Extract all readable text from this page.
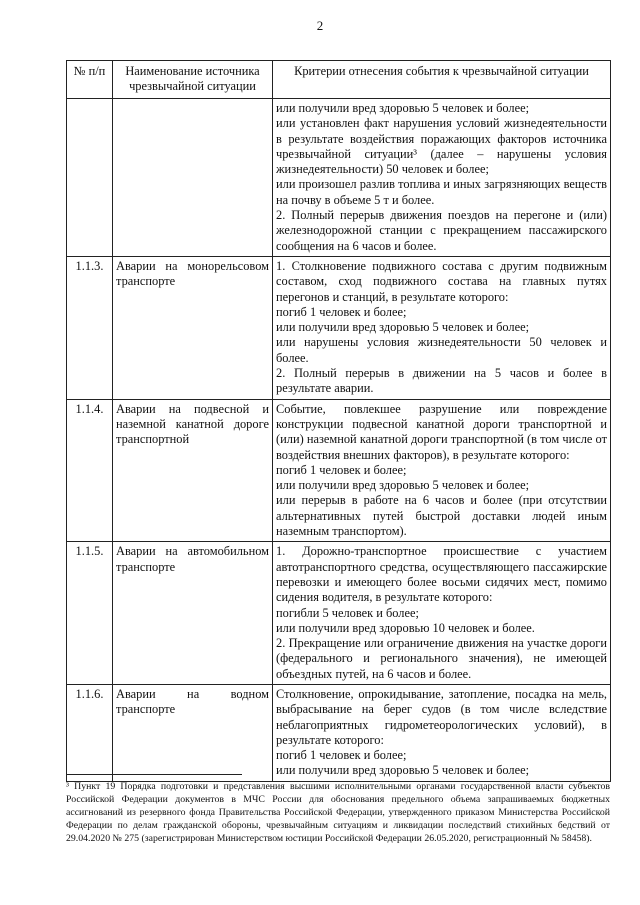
2
№ п/п	Наименование источника чрезвычайной ситуации	Критерии отнесения события к чрезвычайной ситуации

		или получили вред здоровью 5 человек и более;
или установлен факт нарушения условий жизнедеятельности в результате воздействия поражающих факторов источника чрезвычайной ситуации³ (далее – нарушены условия жизнедеятельности) 50 человек и более;
или произошел разлив топлива и иных загрязняющих веществ на почву в объеме 5 т и более.
2. Полный перерыв движения поездов на перегоне и (или) железнодорожной станции с прекращением пассажирского сообщения на 6 часов и более.

1.1.3.	Аварии на монорельсовом транспорте	1. Столкновение подвижного состава с другим подвижным составом, сход подвижного состава на главных путях перегонов и станций, в результате которого:
погиб 1 человек и более;
или получили вред здоровью 5 человек и более;
или нарушены условия жизнедеятельности 50 человек и более.
2. Полный перерыв в движении на 5 часов и более в результате аварии.

1.1.4.	Аварии на подвесной и наземной канатной дороге транспортной	Событие, повлекшее разрушение или повреждение конструкции подвесной канатной дороги транспортной и (или) наземной канатной дороги транспортной (в том числе от воздействия внешних факторов), в результате которого:
погиб 1 человек и более;
или получили вред здоровью 5 человек и более;
или перерыв в работе на 6 часов и более (при отсутствии альтернативных путей быстрой доставки людей иным наземным транспортом).

1.1.5.	Аварии на автомобильном транспорте	1. Дорожно-транспортное происшествие с участием автотранспортного средства, осуществляющего пассажирские перевозки и имеющего более восьми сидячих мест, помимо сидения водителя, в результате которого:
погибли 5 человек и более;
или получили вред здоровью 10 человек и более.
2. Прекращение или ограничение движения на участке дороги (федерального и регионального значения), не имеющей объездных путей, на 6 часов и более.

1.1.6.	Аварии на водном транспорте	Столкновение, опрокидывание, затопление, посадка на мель, выбрасывание на берег судов (в том числе вследствие неблагоприятных гидрометеорологических условий), в результате которого:
погиб 1 человек и более;
или получили вред здоровью 5 человек и более;
³ Пункт 19 Порядка подготовки и представления высшими исполнительными органами государственной власти субъектов Российской Федерации документов в МЧС России для обоснования предельного объема запрашиваемых бюджетных ассигнований из резервного фонда Правительства Российской Федерации, утвержденного приказом Министерства Российской Федерации по делам гражданской обороны, чрезвычайным ситуациям и ликвидации последствий стихийных бедствий от 29.04.2020 № 275 (зарегистрирован Министерством юстиции Российской Федерации 26.05.2020, регистрационный № 58458).
